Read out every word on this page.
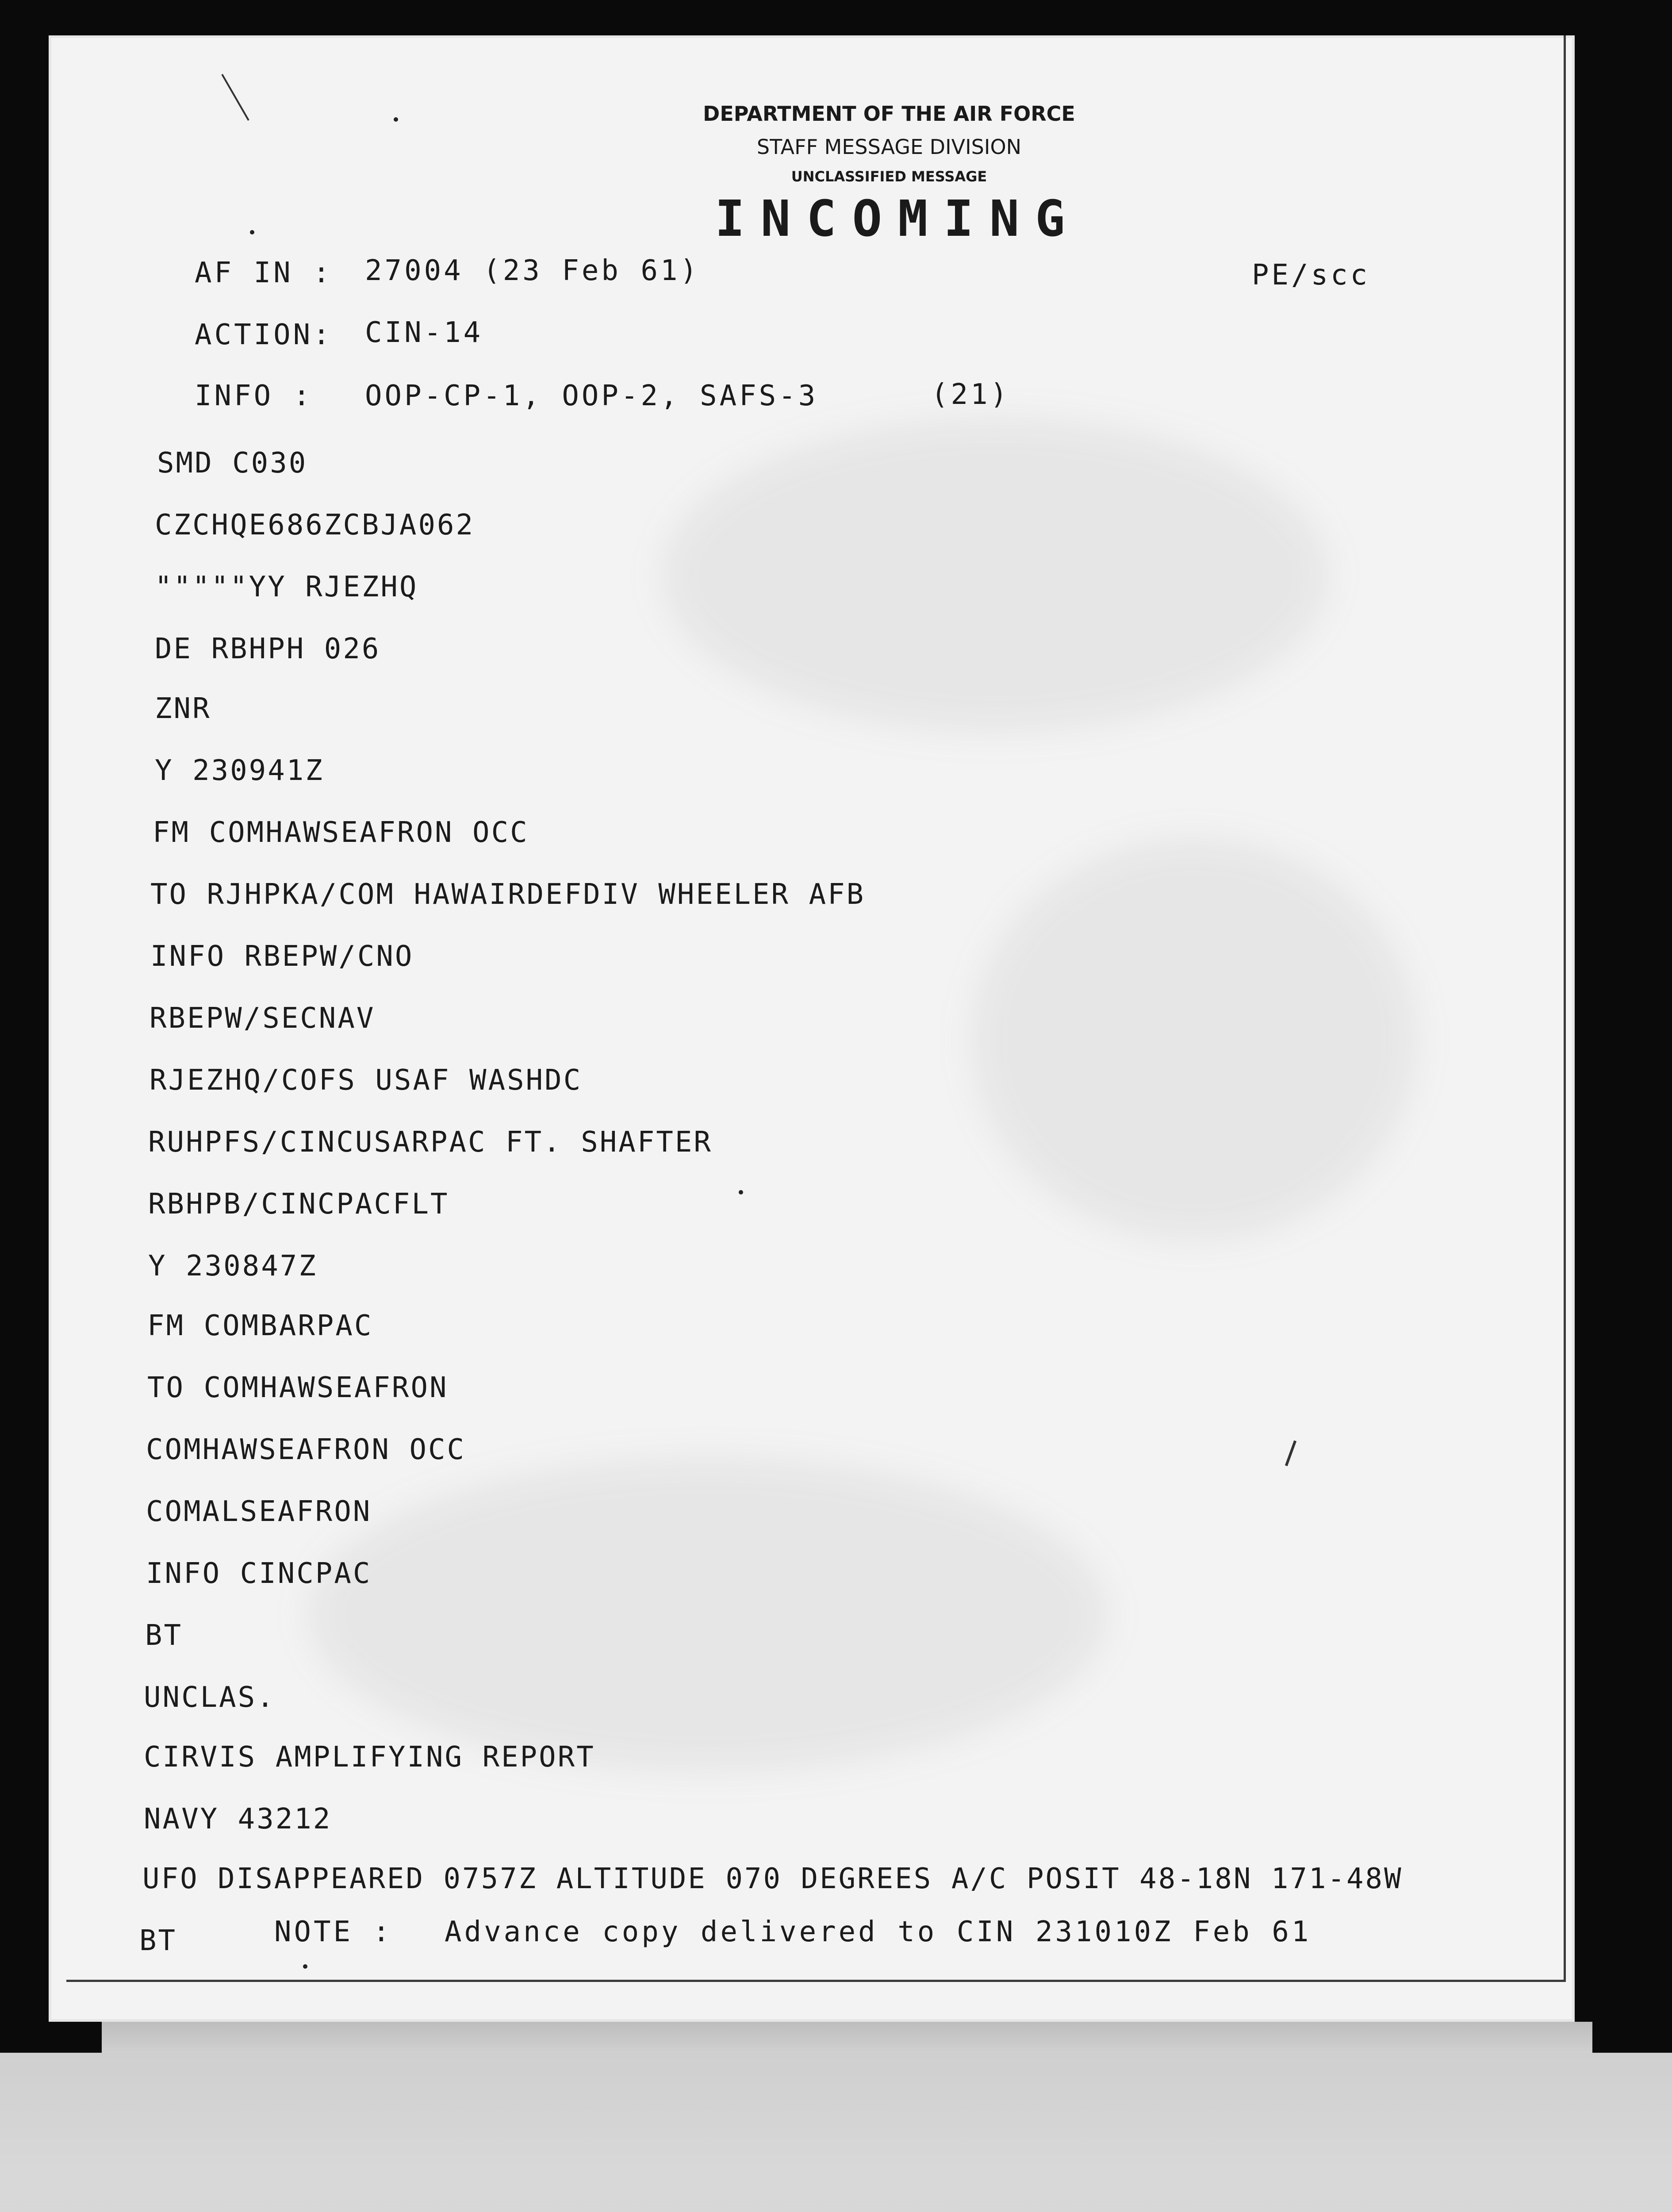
DEPARTMENT OF THE AIR FORCE
STAFF MESSAGE DIVISION
UNCLASSIFIED MESSAGE
INCOMING
AF IN : 27004 (23 Feb 61)	PE/scc
ACTION: CIN-14
INFO : OOP-CP-1, OOP-2, SAFS-3	(21)
SMD C030
CZCHQE686ZCBJA062
"""""YY RJEZHQ
DE RBHPH 026
ZNR
Y 230941Z
FM COMHAWSEAFRON OCC
TO RJHPKA/COM HAWAIRDEFDIV WHEELER AFB
INFO RBEPW/CNO
RBEPW/SECNAV
RJEZHQ/COFS USAF WASHDC
RUHPFS/CINCUSARPAC FT. SHAFTER
RBHPB/CINCPACFLT
Y 230847Z
FM COMBARPAC
TO COMHAWSEAFRON
COMHAWSEAFRON OCC
COMALSEAFRON
INFO CINCPAC
BT
UNCLAS.
CIRVIS AMPLIFYING REPORT
NAVY 43212
UFO DISAPPEARED 0757Z ALTITUDE 070 DEGREES A/C POSIT 48-18N 171-48W
BT	NOTE : Advance copy delivered to CIN 231010Z Feb 61
